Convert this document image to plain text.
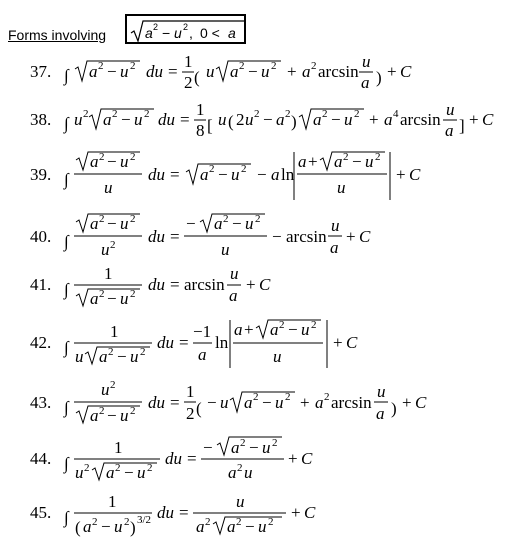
Forms involving	a 2 − u 2 , 0 < a
37. ∫ a 2 − u 2 du =
1
2 ( u a 2 − u 2 + a 2 arcsin
u
a ) + C
38. ∫ u 2 a 2 − u 2 du =
1
8 [ u ( 2 u 2 − a 2 ) a 2 − u 2 + a 4 arcsin
u
a ] + C
39. ∫
a 2 − u 2
u
du = a 2 − u 2 − a ln
a + a 2 − u 2
u
+ C
40. ∫
a 2 − u 2
u 2 du =
− a 2 − u 2
u
− arcsin
u
a
+ C
41. ∫
1
a 2 − u 2 du = arcsin
u
a
+ C
42. ∫
1
u a 2 − u 2 du =
−1
a
ln
a + a 2 − u 2
u
+ C
43. ∫
u 2
a 2 − u 2 du =
1
2 ( − u a 2 − u 2 + a 2 arcsin
u
a ) + C
44. ∫
1
u 2 a 2 − u 2 du =
− a 2 − u 2
a 2 u
+ C
45. ∫
1
( a 2 − u 2 ) 3/2 du =
u
a 2 a 2 − u 2 + C
